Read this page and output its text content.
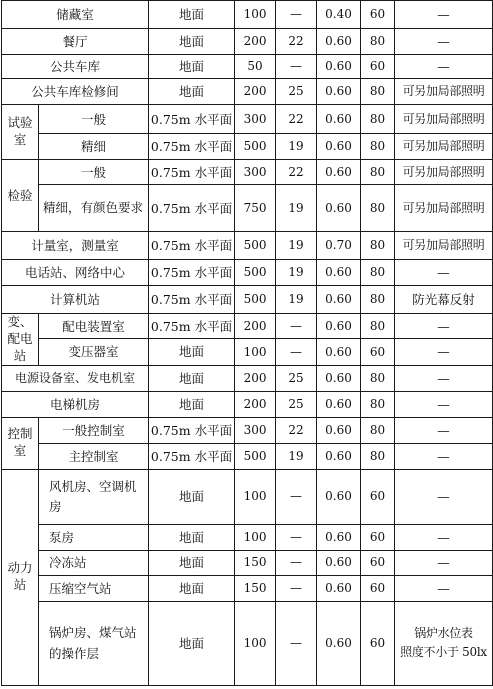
储藏室		地面	100	—	0.40	60	—
餐厅		地面	200	22	0.60	80	—
公共车库		地面	50	—	0.60	60	—
公共车库检修间		地面	200	25	0.60	80	可另加局部照明
试验室	一般	0.75m 水平面	300	22	0.60	80	可另加局部照明
	精细	0.75m 水平面	500	19	0.60	80	可另加局部照明
检验	一般	0.75m 水平面	300	22	0.60	80	可另加局部照明
	精细，有颜色要求	0.75m 水平面	750	19	0.60	80	可另加局部照明
计量室，测量室		0.75m 水平面	500	19	0.70	80	可另加局部照明
电话站、网络中心		0.75m 水平面	500	19	0.60	80	—
计算机站		0.75m 水平面	500	19	0.60	80	防光幕反射
变、配电站	配电装置室	0.75m 水平面	200	—	0.60	80	—
	变压器室	地面	100	—	0.60	60	—
电源设备室、发电机室		地面	200	25	0.60	80	—
电梯机房		地面	200	25	0.60	80	—
控制室	一般控制室	0.75m 水平面	300	22	0.60	80	—
	主控制室	0.75m 水平面	500	19	0.60	80	—
动力站	风机房、空调机房	地面	100	—	0.60	60	—
	泵房	地面	100	—	0.60	60	—
	冷冻站	地面	150	—	0.60	60	—
	压缩空气站	地面	150	—	0.60	60	—
	锅炉房、煤气站的操作层	地面	100	—	0.60	60	锅炉水位表
照度不小于 50lx
